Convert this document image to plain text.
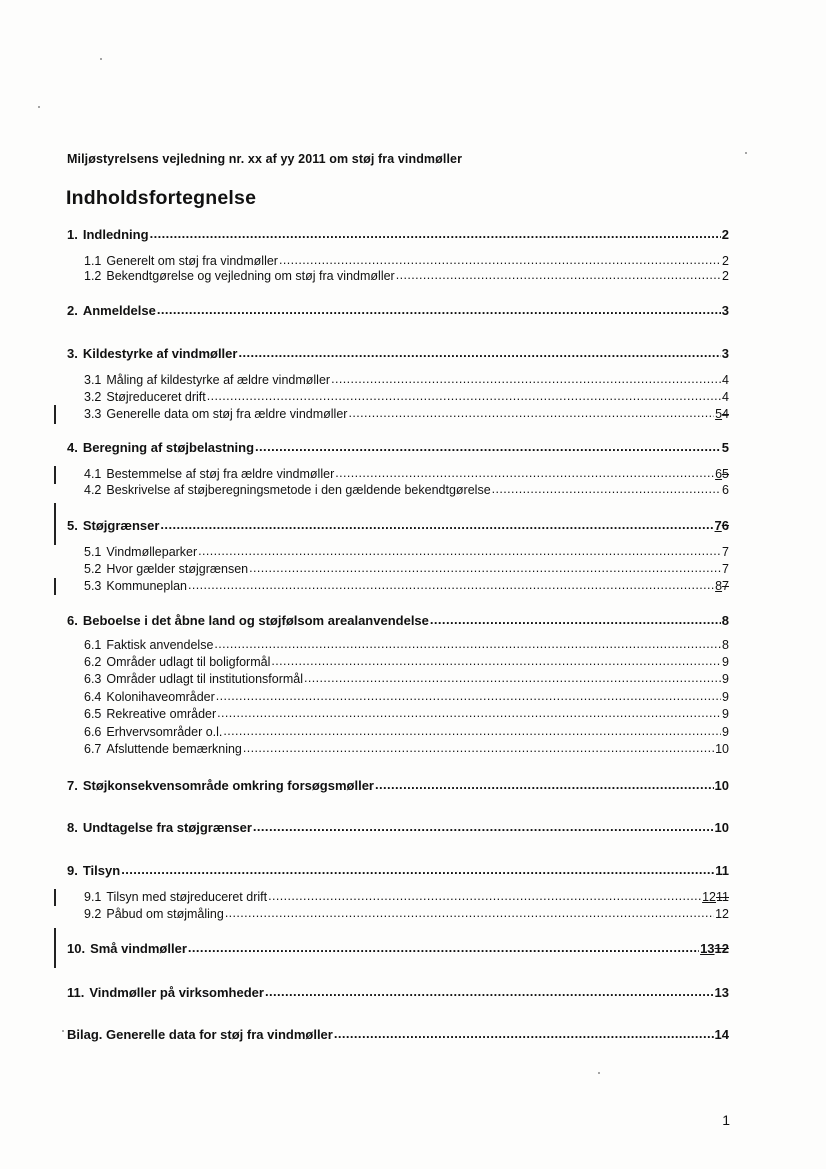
Miljøstyrelsens vejledning nr. xx af yy 2011 om støj fra vindmøller
Indholdsfortegnelse
1. Indledning .....	2
1.1 Generelt om støj fra vindmøller .....	2
1.2 Bekendtgørelse og vejledning om støj fra vindmøller .....	2
2. Anmeldelse .....	3
3. Kildestyrke af vindmøller .....	3
3.1 Måling af kildestyrke af ældre vindmøller .....	4
3.2 Støjreduceret drift .....	4
3.3 Generelle data om støj fra ældre vindmøller .....	54
4. Beregning af støjbelastning .....	5
4.1 Bestemmelse af støj fra ældre vindmøller .....	65
4.2 Beskrivelse af støjberegningsmetode i den gældende bekendtgørelse .....	6
5. Støjgrænser .....	76
5.1 Vindmølleparker .....	7
5.2 Hvor gælder støjgrænsen .....	7
5.3 Kommuneplan .....	87
6. Beboelse i det åbne land og støjfølsom arealanvendelse .....	8
6.1 Faktisk anvendelse .....	8
6.2 Områder udlagt til boligformål .....	9
6.3 Områder udlagt til institutionsformål .....	9
6.4 Kolonihaveområder .....	9
6.5 Rekreative områder .....	9
6.6 Erhvervsområder o.l. .....	9
6.7 Afsluttende bemærkning .....	10
7. Støjkonsekvensområde omkring forsøgsmøller .....	10
8. Undtagelse fra støjgrænser .....	10
9. Tilsyn .....	11
9.1 Tilsyn med støjreduceret drift .....	1211
9.2 Påbud om støjmåling .....	12
10. Små vindmøller .....	1312
11. Vindmøller på virksomheder .....	13
Bilag. Generelle data for støj fra vindmøller .....	14
1
